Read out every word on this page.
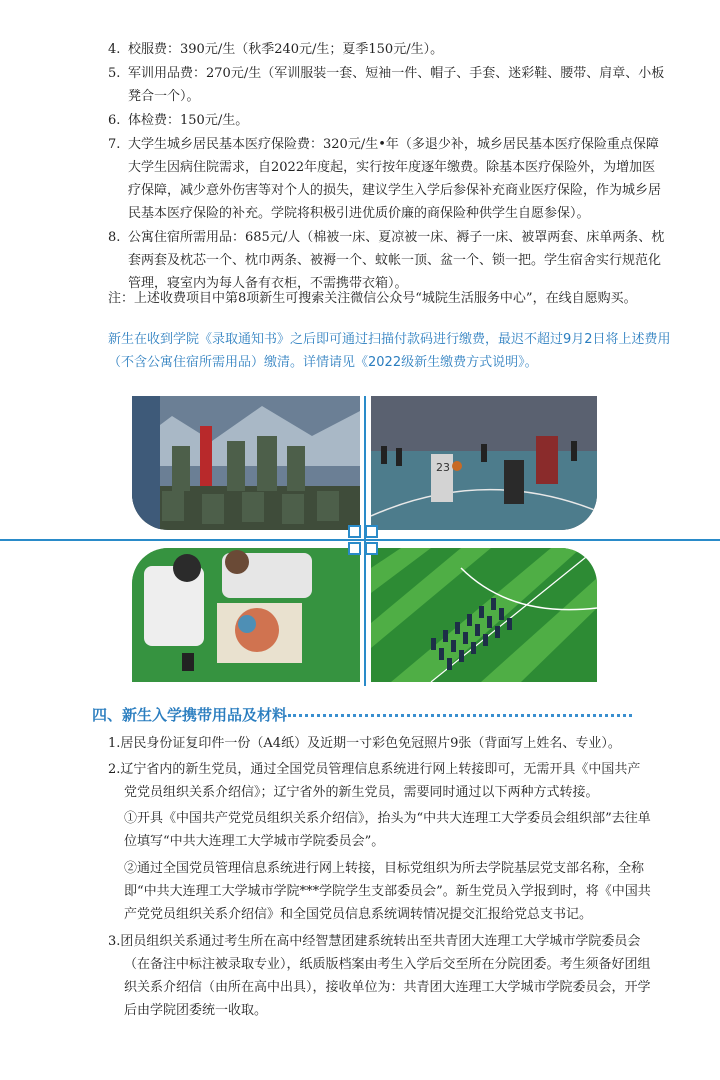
4. 校服费：390元/生（秋季240元/生；夏季150元/生）。
5. 军训用品费：270元/生（军训服装一套、短袖一件、帽子、手套、迷彩鞋、腰带、肩章、小板凳合一个）。
6. 体检费：150元/生。
7. 大学生城乡居民基本医疗保险费：320元/生•年（多退少补，城乡居民基本医疗保险重点保障大学生因病住院需求，自2022年度起，实行按年度逐年缴费。除基本医疗保险外，为增加医疗保障，减少意外伤害等对个人的损失，建议学生入学后参保补充商业医疗保险，作为城乡居民基本医疗保险的补充。学院将积极引进优质价廉的商保险种供学生自愿参保）。
8. 公寓住宿所需用品：685元/人（棉被一床、夏凉被一床、褥子一床、被罩两套、床单两条、枕套两套及枕芯一个、枕巾两条、被褥一个、蚊帐一顶、盆一个、锁一把。学生宿舍实行规范化管理，寝室内为每人备有衣柜，不需携带衣箱）。
注：上述收费项目中第8项新生可搜索关注微信公众号“城院生活服务中心”，在线自愿购买。
新生在收到学院《录取通知书》之后即可通过扫描付款码进行缴费，最迟不超过9月2日将上述费用（不含公寓住宿所需用品）缴清。详情请见《2022级新生缴费方式说明》。
23
四、新生入学携带用品及材料
1.居民身份证复印件一份（A4纸）及近期一寸彩色免冠照片9张（背面写上姓名、专业）。
2.辽宁省内的新生党员，通过全国党员管理信息系统进行网上转接即可，无需开具《中国共产党党员组织关系介绍信》；辽宁省外的新生党员，需要同时通过以下两种方式转接。
①开具《中国共产党党员组织关系介绍信》，抬头为“中共大连理工大学委员会组织部”去往单位填写“中共大连理工大学城市学院委员会”。
②通过全国党员管理信息系统进行网上转接，目标党组织为所去学院基层党支部名称，全称即“中共大连理工大学城市学院***学院学生支部委员会”。新生党员入学报到时，将《中国共产党党员组织关系介绍信》和全国党员信息系统调转情况提交汇报给党总支书记。
3.团员组织关系通过考生所在高中经智慧团建系统转出至共青团大连理工大学城市学院委员会（在备注中标注被录取专业），纸质版档案由考生入学后交至所在分院团委。考生须备好团组织关系介绍信（由所在高中出具），接收单位为：共青团大连理工大学城市学院委员会，开学后由学院团委统一收取。
